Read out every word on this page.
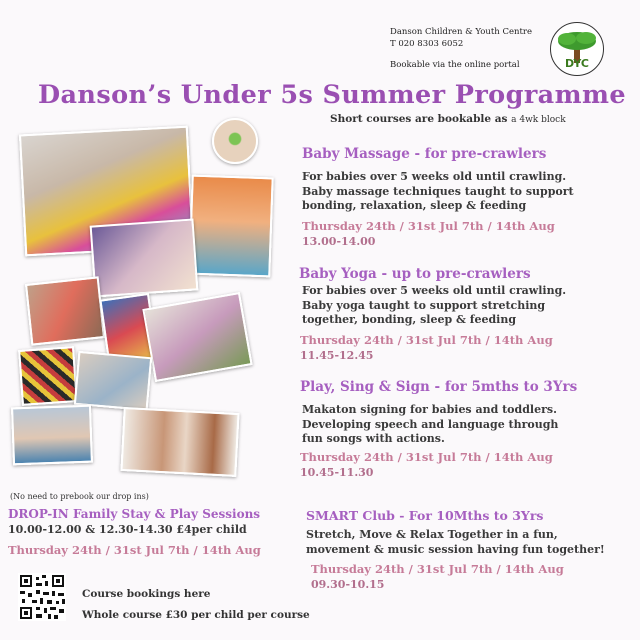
Danson Children & Youth Centre
T 020 8303 6052
Bookable via the online portal	DYC
Danson’s Under 5s Summer Programme
Short courses are bookable as a 4wk block
Baby Massage - for pre-crawlers
For babies over 5 weeks old until crawling.
Baby massage techniques taught to support
bonding, relaxation, sleep & feeding
Thursday 24th / 31st Jul 7th / 14th Aug
13.00-14.00
Baby Yoga - up to pre-crawlers
For babies over 5 weeks old until crawling.
Baby yoga taught to support stretching
together, bonding, sleep & feeding
Thursday 24th / 31st Jul 7th / 14th Aug
11.45-12.45
Play, Sing & Sign - for 5mths to 3Yrs
Makaton signing for babies and toddlers.
Developing speech and language through
fun songs with actions.
Thursday 24th / 31st Jul 7th / 14th Aug
10.45-11.30
SMART Club - For 10Mths to 3Yrs
Stretch, Move & Relax Together in a fun,
movement & music session having fun together!
Thursday 24th / 31st Jul 7th / 14th Aug
09.30-10.15
(No need to prebook our drop ins)
DROP-IN Family Stay & Play Sessions
10.00-12.00 & 12.30-14.30 £4per child
Thursday 24th / 31st Jul 7th / 14th Aug
Course bookings here
Whole course £30 per child per course
